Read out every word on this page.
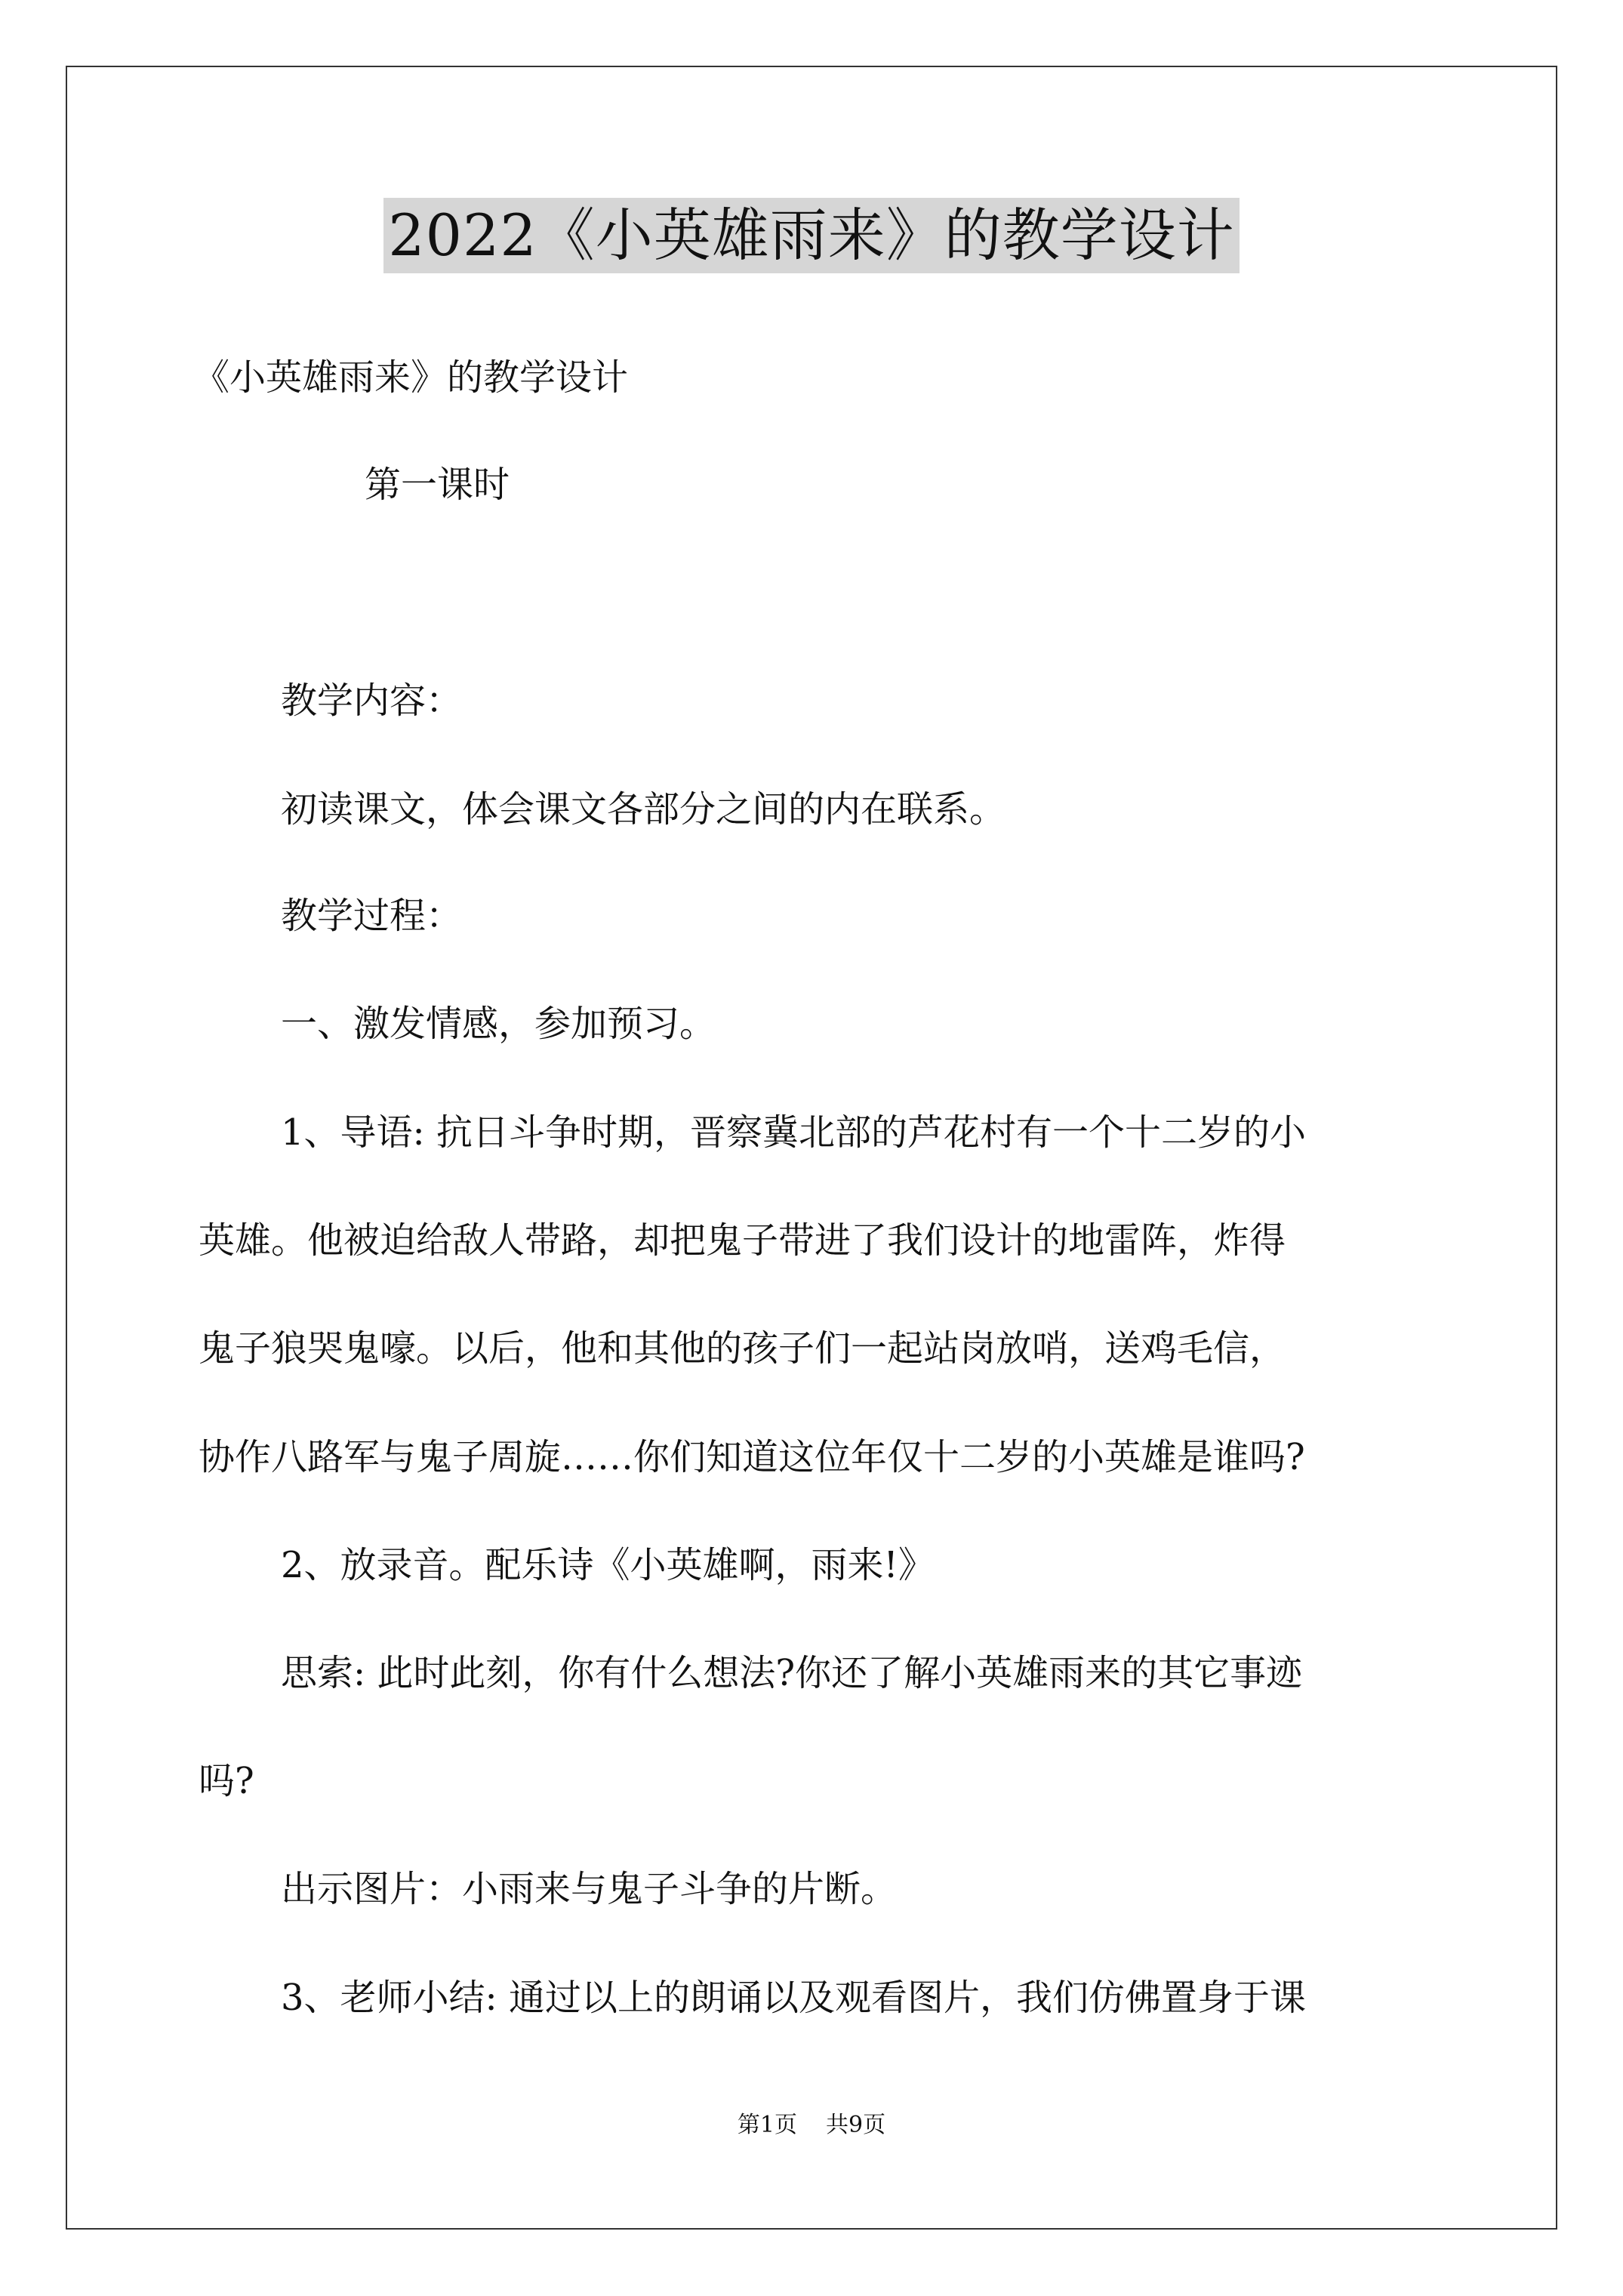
2022《小英雄雨来》的教学设计
《小英雄雨来》的教学设计
第一课时
教学内容：
初读课文，体会课文各部分之间的内在联系。
教学过程：
一、激发情感，参加预习。
1、导语: 抗日斗争时期，晋察冀北部的芦花村有一个十二岁的小
英雄。他被迫给敌人带路，却把鬼子带进了我们设计的地雷阵，炸得
鬼子狼哭鬼嚎。以后，他和其他的孩子们一起站岗放哨，送鸡毛信，
协作八路军与鬼子周旋……你们知道这位年仅十二岁的小英雄是谁吗?
2、放录音。配乐诗《小英雄啊，雨来!》
思索: 此时此刻，你有什么想法?你还了解小英雄雨来的其它事迹
吗?
出示图片：小雨来与鬼子斗争的片断。
3、老师小结: 通过以上的朗诵以及观看图片，我们仿佛置身于课
第1页 共9页
